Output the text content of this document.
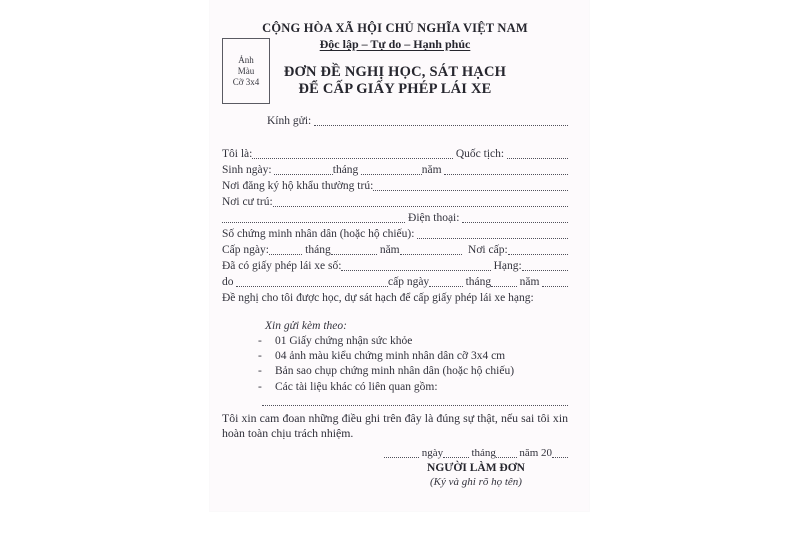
Ảnh
Màu
Cỡ 3x4
CỘNG HÒA XÃ HỘI CHỦ NGHĨA VIỆT NAM
Độc lập – Tự do – Hạnh phúc
ĐƠN ĐỀ NGHỊ HỌC, SÁT HẠCH
ĐỂ CẤP GIẤY PHÉP LÁI XE
Kính gửi:
Tôi là:	Quốc tịch:
Sinh ngày:	tháng	năm
Nơi đăng ký hộ khẩu thường trú:
Nơi cư trú:
Điện thoại:
Số chứng minh nhân dân (hoặc hộ chiếu):
Cấp ngày:	tháng	năm	Nơi cấp:
Đã có giấy phép lái xe số:	Hạng:
do	cấp ngày	tháng năm
Đề nghị cho tôi được học, dự sát hạch để cấp giấy phép lái xe hạng:
Xin gửi kèm theo:
-	01 Giấy chứng nhận sức khỏe
-	04 ảnh màu kiểu chứng minh nhân dân cỡ 3x4 cm
-	Bản sao chụp chứng minh nhân dân (hoặc hộ chiếu)
-	Các tài liệu khác có liên quan gồm:
Tôi xin cam đoan những điều ghi trên đây là đúng sự thật, nếu sai tôi xin hoàn toàn chịu trách nhiệm.
ngày tháng năm 20
NGƯỜI LÀM ĐƠN
(Ký và ghi rõ họ tên)
